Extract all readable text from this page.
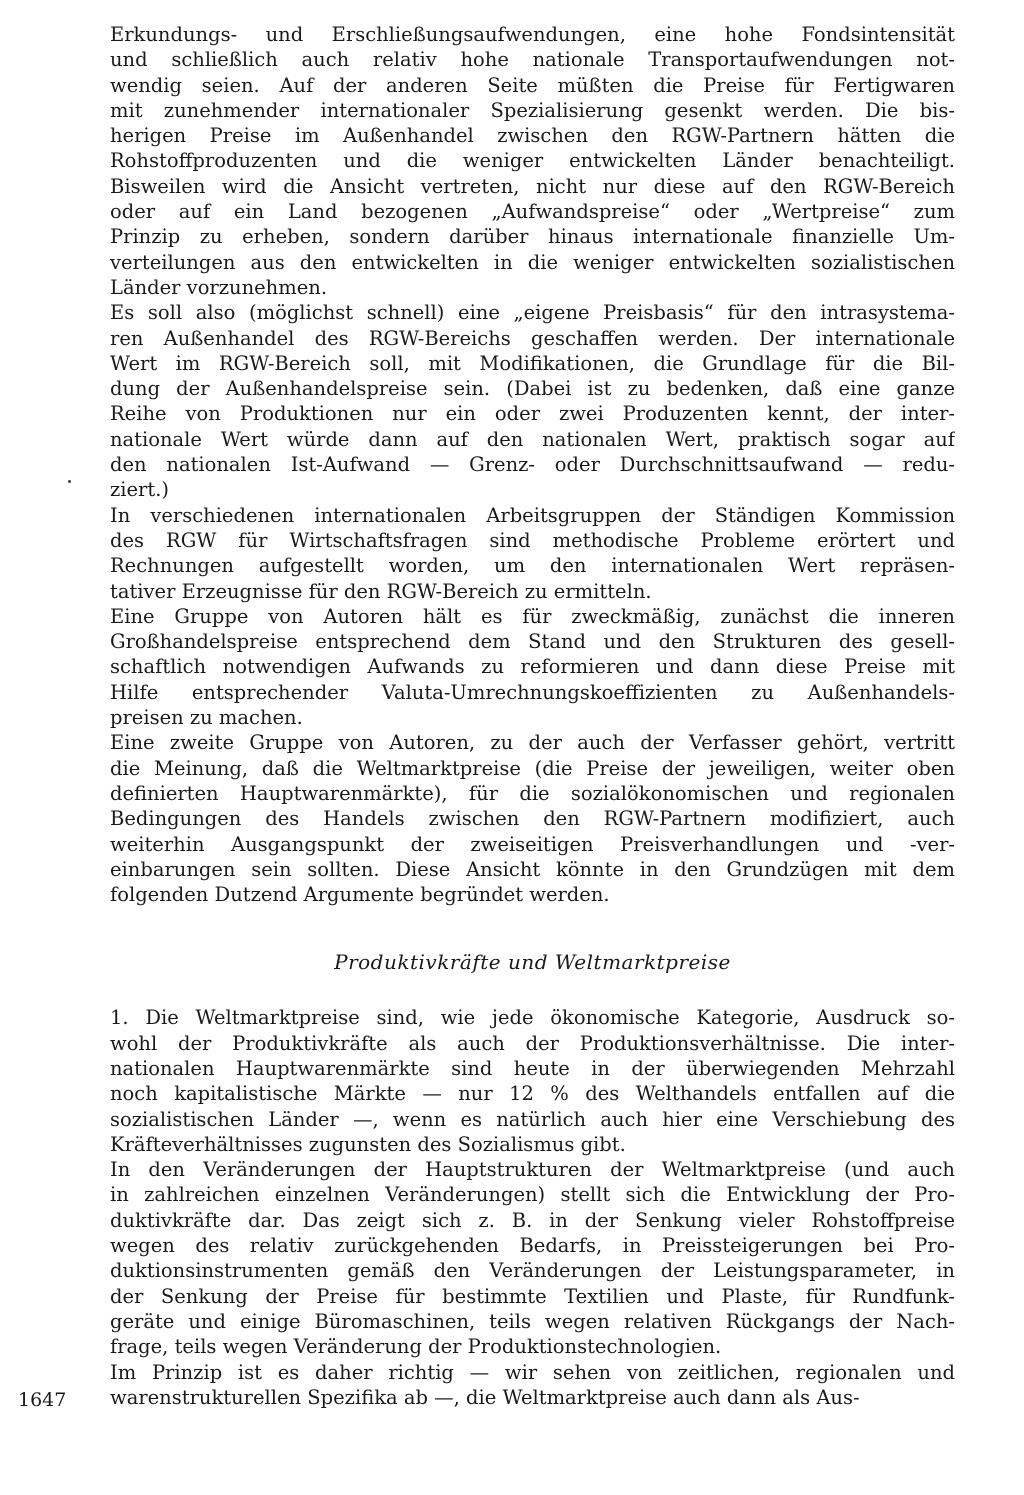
Erkundungs- und Erschließungsaufwendungen, eine hohe Fondsintensität
und schließlich auch relativ hohe nationale Transportaufwendungen not-
wendig seien. Auf der anderen Seite müßten die Preise für Fertigwaren
mit zunehmender internationaler Spezialisierung gesenkt werden. Die bis-
herigen Preise im Außenhandel zwischen den RGW-Partnern hätten die
Rohstoffproduzenten und die weniger entwickelten Länder benachteiligt.
Bisweilen wird die Ansicht vertreten, nicht nur diese auf den RGW-Bereich
oder auf ein Land bezogenen „Aufwandspreise“ oder „Wertpreise“ zum
Prinzip zu erheben, sondern darüber hinaus internationale finanzielle Um-
verteilungen aus den entwickelten in die weniger entwickelten sozialistischen
Länder vorzunehmen.
Es soll also (möglichst schnell) eine „eigene Preisbasis“ für den intrasystema-
ren Außenhandel des RGW-Bereichs geschaffen werden. Der internationale
Wert im RGW-Bereich soll, mit Modifikationen, die Grundlage für die Bil-
dung der Außenhandelspreise sein. (Dabei ist zu bedenken, daß eine ganze
Reihe von Produktionen nur ein oder zwei Produzenten kennt, der inter-
nationale Wert würde dann auf den nationalen Wert, praktisch sogar auf
den nationalen Ist-Aufwand — Grenz- oder Durchschnittsaufwand — redu-
ziert.)
In verschiedenen internationalen Arbeitsgruppen der Ständigen Kommission
des RGW für Wirtschaftsfragen sind methodische Probleme erörtert und
Rechnungen aufgestellt worden, um den internationalen Wert repräsen-
tativer Erzeugnisse für den RGW-Bereich zu ermitteln.
Eine Gruppe von Autoren hält es für zweckmäßig, zunächst die inneren
Großhandelspreise entsprechend dem Stand und den Strukturen des gesell-
schaftlich notwendigen Aufwands zu reformieren und dann diese Preise mit
Hilfe entsprechender Valuta-Umrechnungskoeffizienten zu Außenhandels-
preisen zu machen.
Eine zweite Gruppe von Autoren, zu der auch der Verfasser gehört, vertritt
die Meinung, daß die Weltmarktpreise (die Preise der jeweiligen, weiter oben
definierten Hauptwarenmärkte), für die sozialökonomischen und regionalen
Bedingungen des Handels zwischen den RGW-Partnern modifiziert, auch
weiterhin Ausgangspunkt der zweiseitigen Preisverhandlungen und -ver-
einbarungen sein sollten. Diese Ansicht könnte in den Grundzügen mit dem
folgenden Dutzend Argumente begründet werden.
Produktivkräfte und Weltmarktpreise
1. Die Weltmarktpreise sind, wie jede ökonomische Kategorie, Ausdruck so-
wohl der Produktivkräfte als auch der Produktionsverhältnisse. Die inter-
nationalen Hauptwarenmärkte sind heute in der überwiegenden Mehrzahl
noch kapitalistische Märkte — nur 12 % des Welthandels entfallen auf die
sozialistischen Länder —, wenn es natürlich auch hier eine Verschiebung des
Kräfteverhältnisses zugunsten des Sozialismus gibt.
In den Veränderungen der Hauptstrukturen der Weltmarktpreise (und auch
in zahlreichen einzelnen Veränderungen) stellt sich die Entwicklung der Pro-
duktivkräfte dar. Das zeigt sich z. B. in der Senkung vieler Rohstoffpreise
wegen des relativ zurückgehenden Bedarfs, in Preissteigerungen bei Pro-
duktionsinstrumenten gemäß den Veränderungen der Leistungsparameter, in
der Senkung der Preise für bestimmte Textilien und Plaste, für Rundfunk-
geräte und einige Büromaschinen, teils wegen relativen Rückgangs der Nach-
frage, teils wegen Veränderung der Produktionstechnologien.
Im Prinzip ist es daher richtig — wir sehen von zeitlichen, regionalen und
warenstrukturellen Spezifika ab —, die Weltmarktpreise auch dann als Aus-
1647
